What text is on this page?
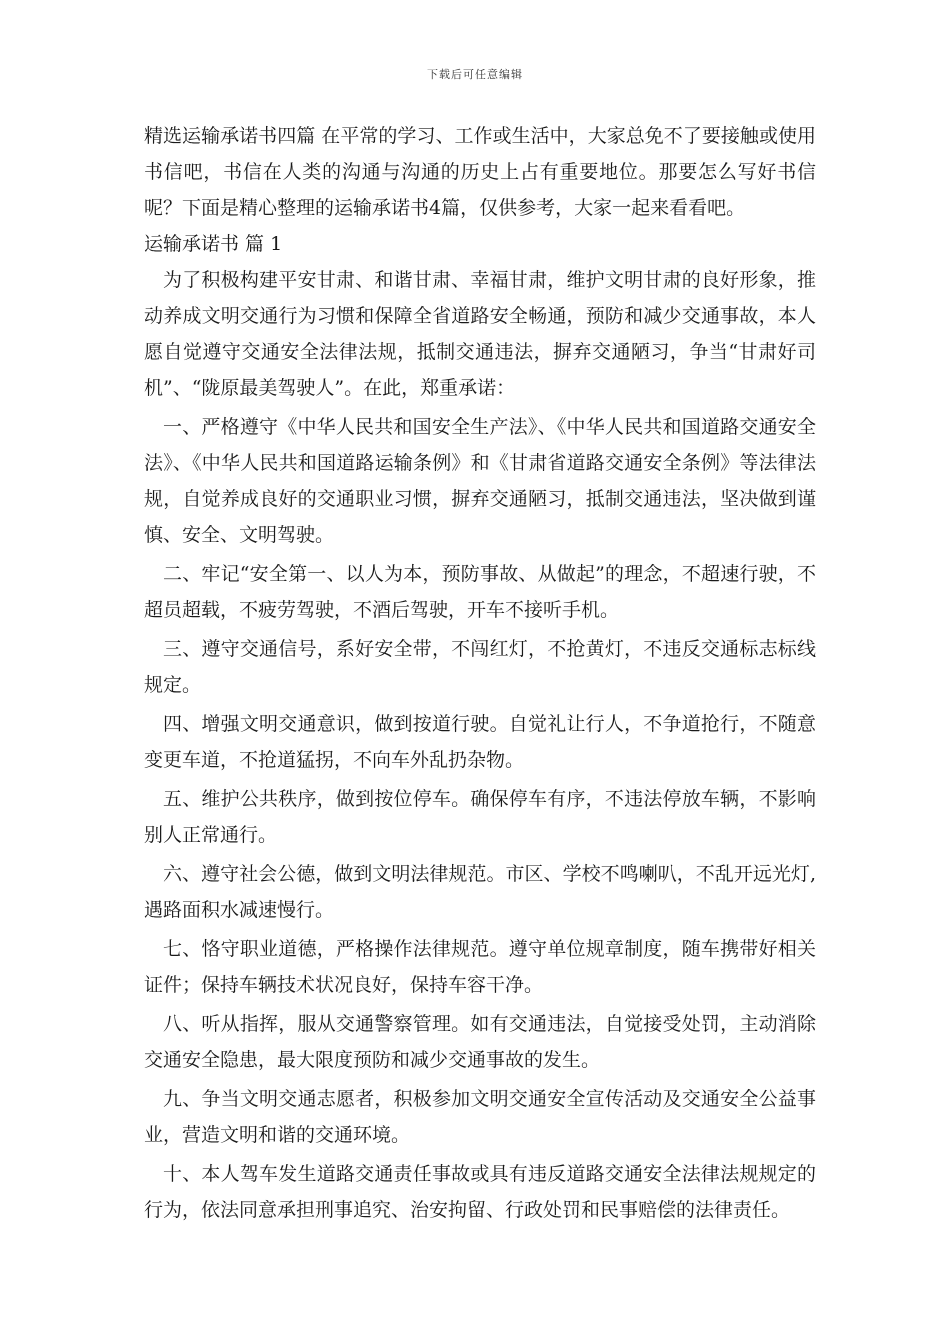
下载后可任意编辑

精选运输承诺书四篇 在平常的学习、工作或生活中，大家总免不了要接触或使用书信吧，书信在人类的沟通与沟通的历史上占有重要地位。那要怎么写好书信呢？下面是精心整理的运输承诺书4篇，仅供参考，大家一起来看看吧。

运输承诺书 篇 1

为了积极构建平安甘肃、和谐甘肃、幸福甘肃，维护文明甘肃的良好形象，推动养成文明交通行为习惯和保障全省道路安全畅通，预防和减少交通事故，本人愿自觉遵守交通安全法律法规，抵制交通违法，摒弃交通陋习，争当“甘肃好司机”、“陇原最美驾驶人”。在此，郑重承诺：

一、严格遵守《中华人民共和国安全生产法》、《中华人民共和国道路交通安全法》、《中华人民共和国道路运输条例》和《甘肃省道路交通安全条例》等法律法规，自觉养成良好的交通职业习惯，摒弃交通陋习，抵制交通违法，坚决做到谨慎、安全、文明驾驶。

二、牢记“安全第一、以人为本，预防事故、从做起”的理念，不超速行驶，不超员超载，不疲劳驾驶，不酒后驾驶，开车不接听手机。

三、遵守交通信号，系好安全带，不闯红灯，不抢黄灯，不违反交通标志标线规定。

四、增强文明交通意识，做到按道行驶。自觉礼让行人，不争道抢行，不随意变更车道，不抢道猛拐，不向车外乱扔杂物。

五、维护公共秩序，做到按位停车。确保停车有序，不违法停放车辆，不影响别人正常通行。

六、遵守社会公德，做到文明法律规范。市区、学校不鸣喇叭，不乱开远光灯,遇路面积水减速慢行。

七、恪守职业道德，严格操作法律规范。遵守单位规章制度，随车携带好相关证件；保持车辆技术状况良好，保持车容干净。

八、听从指挥，服从交通警察管理。如有交通违法，自觉接受处罚，主动消除交通安全隐患，最大限度预防和减少交通事故的发生。

九、争当文明交通志愿者，积极参加文明交通安全宣传活动及交通安全公益事业，营造文明和谐的交通环境。

十、本人驾车发生道路交通责任事故或具有违反道路交通安全法律法规规定的行为，依法同意承担刑事追究、治安拘留、行政处罚和民事赔偿的法律责任。
